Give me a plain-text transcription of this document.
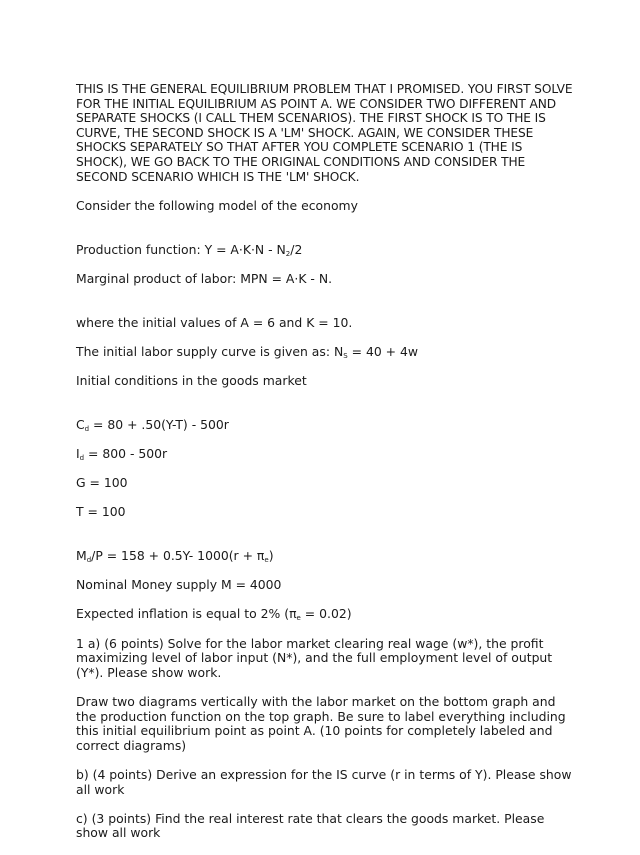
THIS IS THE GENERAL EQUILIBRIUM PROBLEM THAT I PROMISED. YOU FIRST SOLVE FOR THE INITIAL EQUILIBRIUM AS POINT A. WE CONSIDER TWO DIFFERENT AND SEPARATE SHOCKS (I CALL THEM SCENARIOS). THE FIRST SHOCK IS TO THE IS CURVE, THE SECOND SHOCK IS A 'LM' SHOCK. AGAIN, WE CONSIDER THESE SHOCKS SEPARATELY SO THAT AFTER YOU COMPLETE SCENARIO 1 (THE IS SHOCK), WE GO BACK TO THE ORIGINAL CONDITIONS AND CONSIDER THE SECOND SCENARIO WHICH IS THE 'LM' SHOCK.

Consider the following model of the economy

Production function: $Y = A\cdot K\cdot N - N_2/2$

Marginal product of labor: MPN = A·K - N.

where the initial values of A = 6 and K = 10.

The initial labor supply curve is given as: $N_S = 40 + 4w$

Initial conditions in the goods market

$C_d = 80 + .50(Y-T) - 500r$

$I_d = 800 - 500r$

G = 100

T = 100

$M_d/P = 158 + 0.5Y-$ $1000(r + \pi_e)$

Nominal Money supply M = 4000

Expected inflation is equal to 2% $(\pi_e = 0.02)$

1 a) (6 points) Solve for the labor market clearing real wage (w*), the profit maximizing level of labor input (N*), and the full employment level of output (Y*). Please show work.

Draw two diagrams vertically with the labor market on the bottom graph and the production function on the top graph. Be sure to label everything including this initial equilibrium point as point A. (10 points for completely labeled and correct diagrams)

b) (4 points) Derive an expression for the IS curve (r in terms of Y). Please show all work

c) (3 points) Find the real interest rate that clears the goods market. Please show all work
